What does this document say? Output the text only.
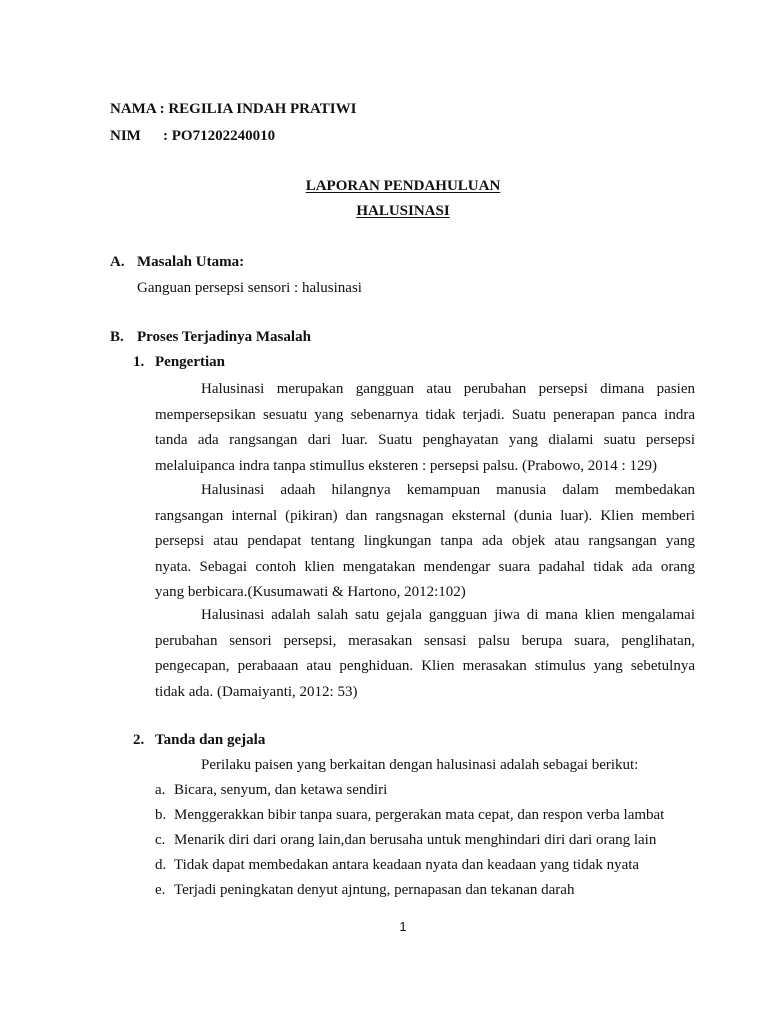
NAMA : REGILIA INDAH PRATIWI
NIM : PO71202240010
LAPORAN PENDAHULUAN
HALUSINASI
A. Masalah Utama:
Ganguan persepsi sensori : halusinasi
B. Proses Terjadinya Masalah
1. Pengertian
Halusinasi merupakan gangguan atau perubahan persepsi dimana pasien
mempersepsikan sesuatu yang sebenarnya tidak terjadi. Suatu penerapan panca indra
tanda ada rangsangan dari luar. Suatu penghayatan yang dialami suatu persepsi
melaluipanca indra tanpa stimullus eksteren : persepsi palsu. (Prabowo, 2014 : 129)
Halusinasi adaah hilangnya kemampuan manusia dalam membedakan
rangsangan internal (pikiran) dan rangsnagan eksternal (dunia luar). Klien memberi
persepsi atau pendapat tentang lingkungan tanpa ada objek atau rangsangan yang
nyata. Sebagai contoh klien mengatakan mendengar suara padahal tidak ada orang
yang berbicara.(Kusumawati & Hartono, 2012:102)
Halusinasi adalah salah satu gejala gangguan jiwa di mana klien mengalamai
perubahan sensori persepsi, merasakan sensasi palsu berupa suara, penglihatan,
pengecapan, perabaaan atau penghiduan. Klien merasakan stimulus yang sebetulnya
tidak ada. (Damaiyanti, 2012: 53)
2. Tanda dan gejala
Perilaku paisen yang berkaitan dengan halusinasi adalah sebagai berikut:
a. Bicara, senyum, dan ketawa sendiri
b. Menggerakkan bibir tanpa suara, pergerakan mata cepat, dan respon verba lambat
c. Menarik diri dari orang lain,dan berusaha untuk menghindari diri dari orang lain
d. Tidak dapat membedakan antara keadaan nyata dan keadaan yang tidak nyata
e. Terjadi peningkatan denyut ajntung, pernapasan dan tekanan darah
1
